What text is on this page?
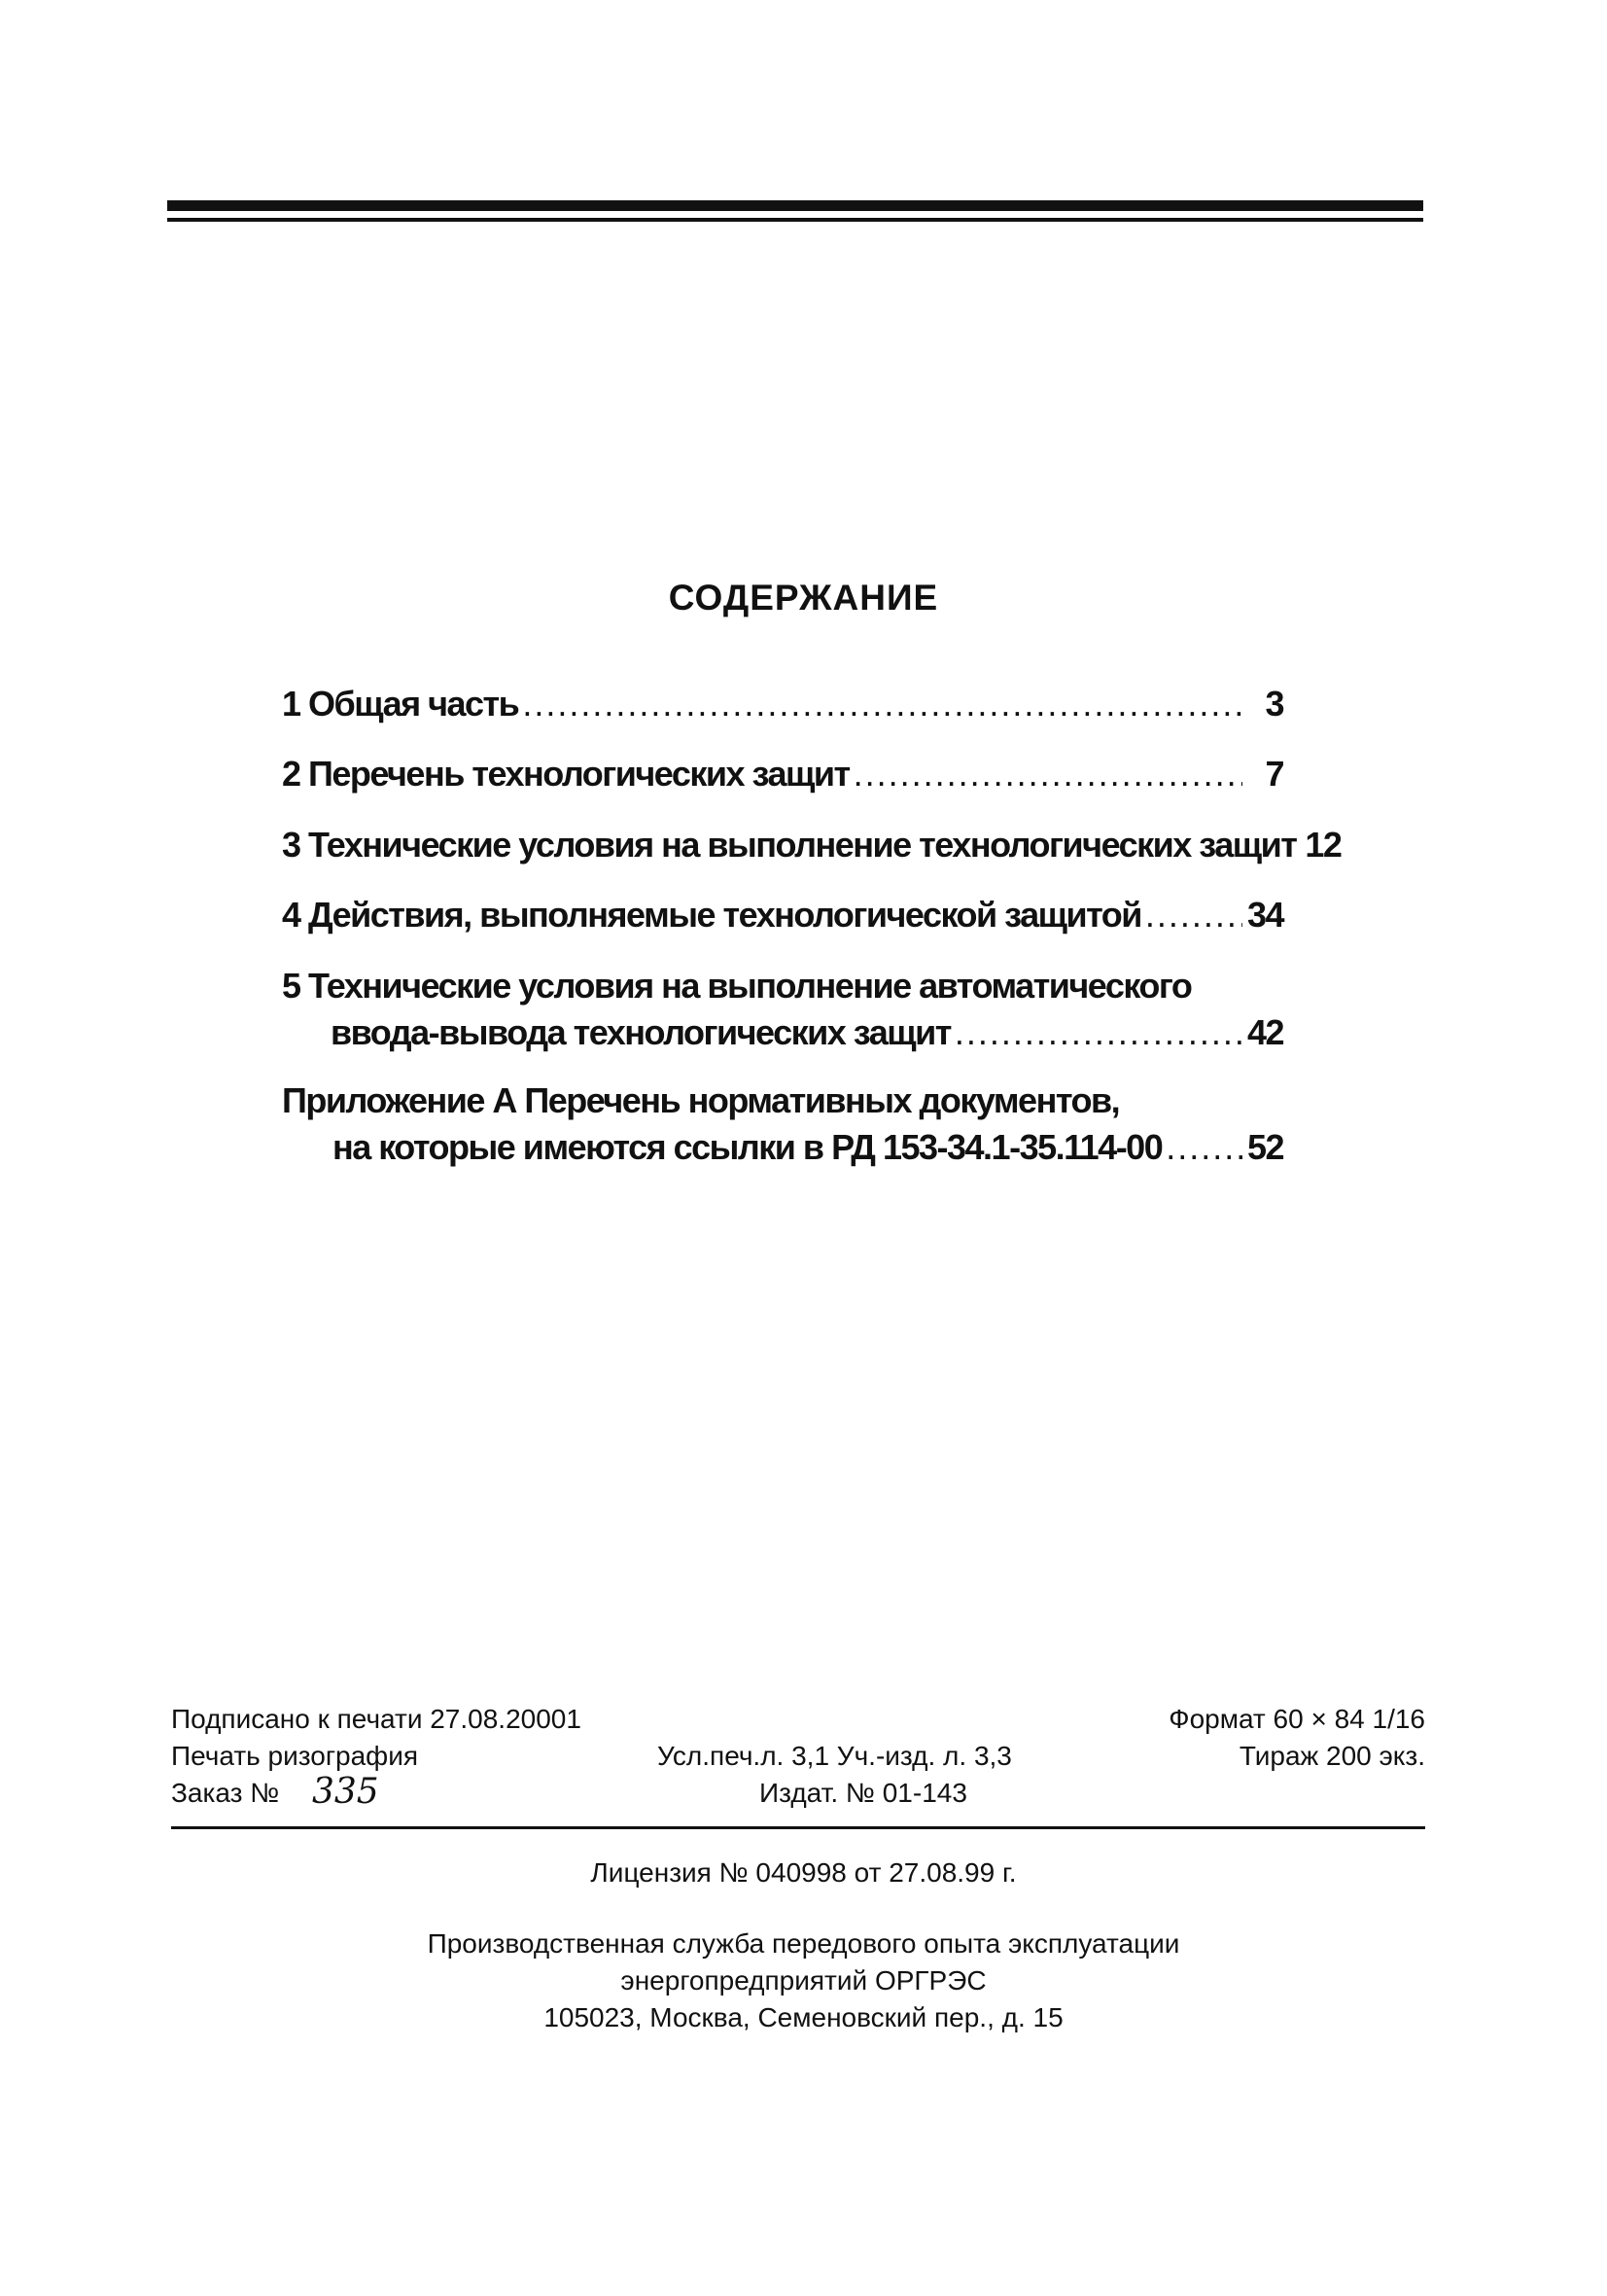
СОДЕРЖАНИЕ
1 Общая часть .....	3
2 Перечень технологических защит .....	7
3 Технические условия на выполнение технологических защит 12
4 Действия, выполняемые технологической защитой .....	34
5 Технические условия на выполнение автоматического
ввода-вывода технологических защит .....	42
Приложение А Перечень нормативных документов,
на которые имеются ссылки в РД 153-34.1-35.114-00 ..... 52
Подписано к печати 27.08.20001	Формат 60 × 84 1/16
Печать ризография	Усл.печ.л. 3,1 Уч.-изд. л. 3,3	Тираж 200 экз.
Заказ № 335	Издат. № 01-143
Лицензия № 040998 от 27.08.99 г.
Производственная служба передового опыта эксплуатации
энергопредприятий ОРГРЭС
105023, Москва, Семеновский пер., д. 15
